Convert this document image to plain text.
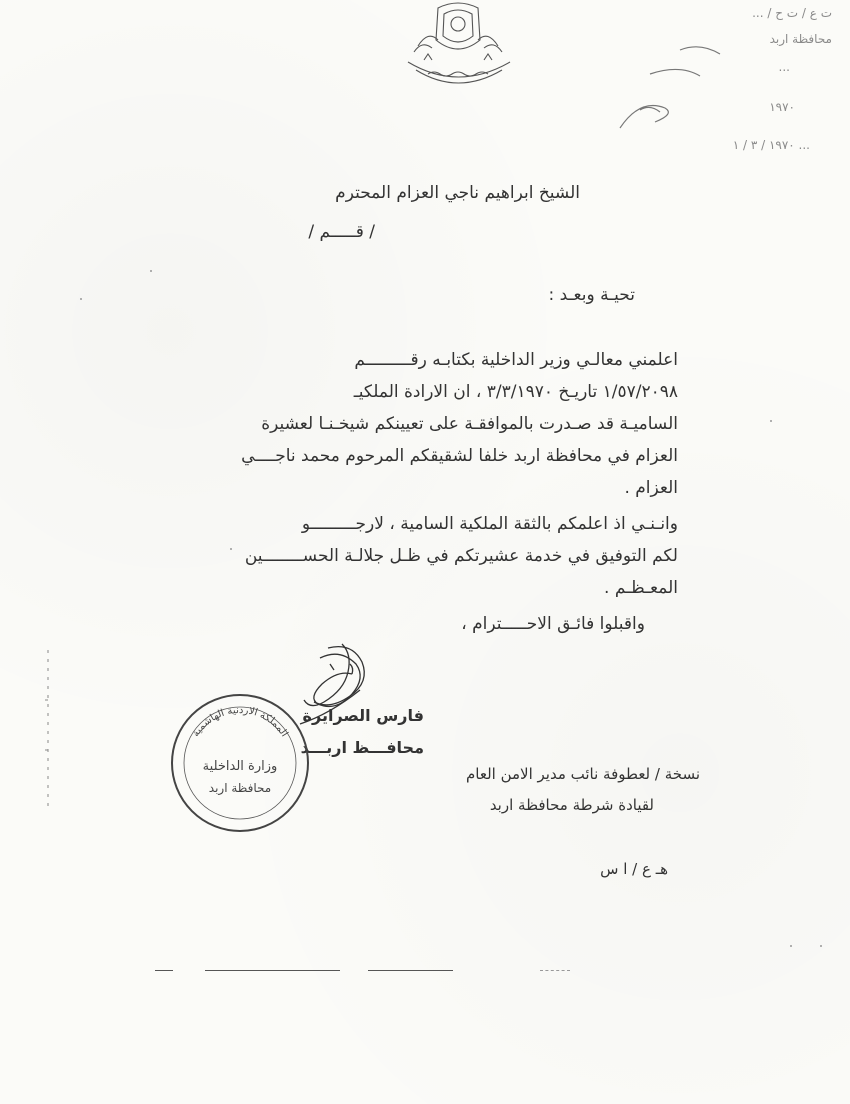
ت ع / ت ح / ...
محافظة اربد
...
١٩٧٠
١٩٧٠ / ٣ / ١ ...
الشيخ ابراهيم ناجي العزام المحترم
/ قـــــم /
تحيـة وبعـد :
اعلمني معالـي وزير الداخلية بكتابـه رقـــــــــم
١/٥٧/٢٠٩٨ تاريـخ ٣/٣/١٩٧٠ ، ان الارادة الملكيـ
الساميـة قد صـدرت بالموافقـة على تعيينكم شيخـنـا لعشيرة
العزام في محافظة اربد خلفا لشقيقكم المرحوم محمد ناجــــي
العزام .
وانـنـي اذ اعلمكم بالثقة الملكية السامية ، لارجـــــــــو
لكم التوفيق في خدمة عشيرتكم في ظـل جلالـة الحســــــــين
المعـظـم .
واقبلوا فائـق الاحـــــترام ،
فارس الصرايرة
محافـــظ اربـــد
المملكة الاردنية الهاشمية
وزارة الداخلية
محافظة اربد
نسخة / لعطوفة نائب مدير الامن العام
لقيادة شرطة محافظة اربد
هـ ع / ا س
